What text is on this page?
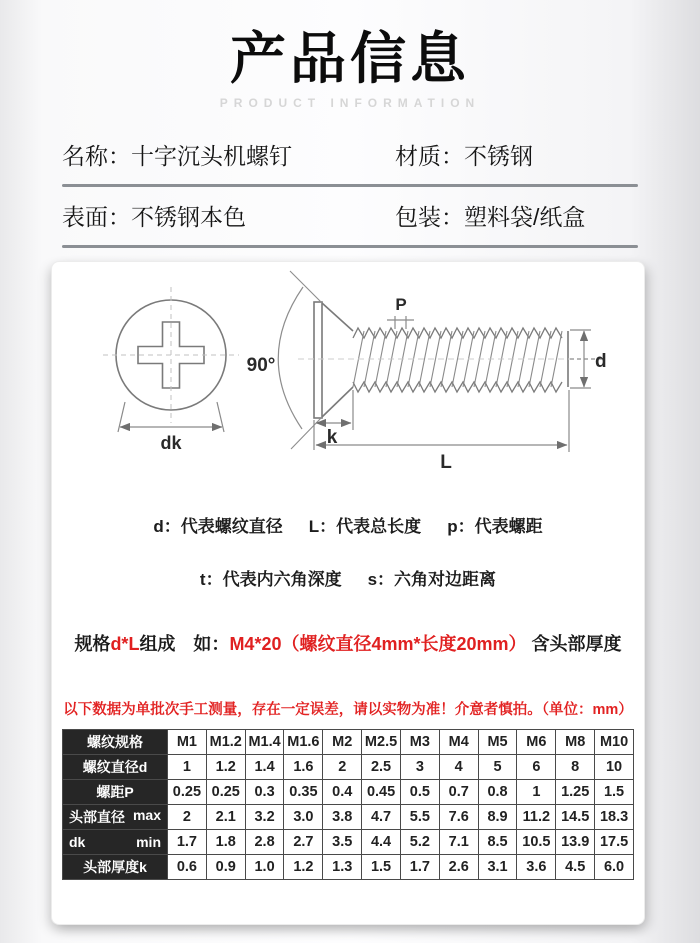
产品信息
PRODUCT INFORMATION
名称：十字沉头机螺钉	材质：不锈钢
表面：不锈钢本色	包装：塑料袋/纸盒
dk
90°
P
d
k
L
d：代表螺纹直径 L：代表总长度 p：代表螺距
t：代表内六角深度 s：六角对边距离
规格d*L组成　如：M4*20（螺纹直径4mm*长度20mm） 含头部厚度
以下数据为单批次手工测量，存在一定误差，请以实物为准！介意者慎拍。（单位：mm）
螺纹规格	M1	M1.2	M1.4	M1.6	M2	M2.5	M3	M4	M5	M6	M8	M10

螺纹直径d	1	1.2	1.4	1.6	2	2.5	3	4	5	6	8	10

螺距P	0.25	0.25	0.3	0.35	0.4	0.45	0.5	0.7	0.8	1	1.25	1.5

头部直径 max	2	2.1	3.2	3.0	3.8	4.7	5.5	7.6	8.9	11.2	14.5	18.3

dk min	1.7	1.8	2.8	2.7	3.5	4.4	5.2	7.1	8.5	10.5	13.9	17.5

头部厚度k	0.6	0.9	1.0	1.2	1.3	1.5	1.7	2.6	3.1	3.6	4.5	6.0
